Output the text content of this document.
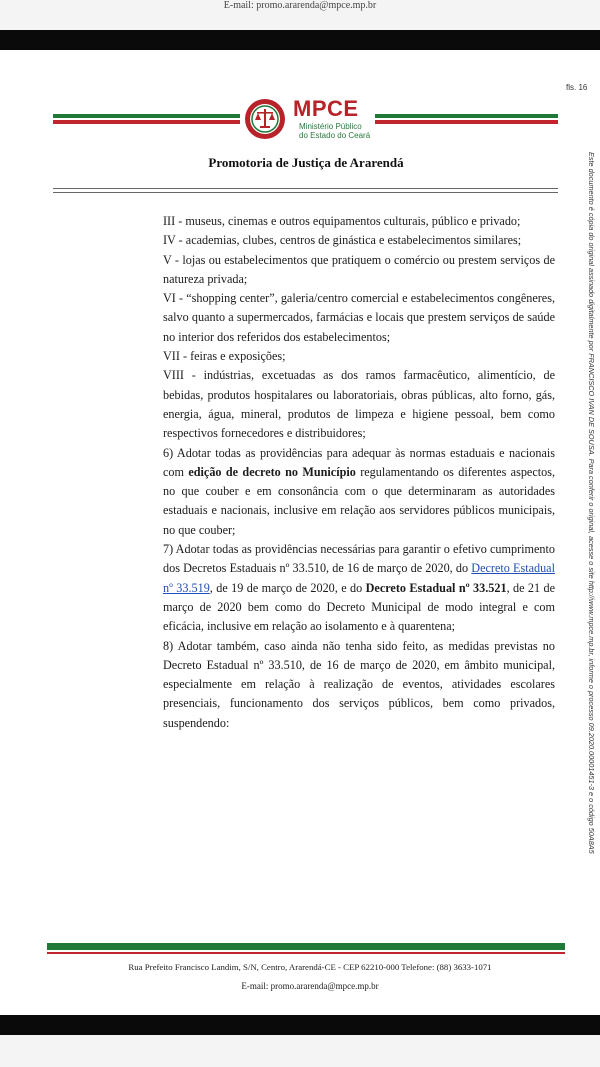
E-mail: promo.ararenda@mpce.mp.br
fls. 16
MPCE
Ministério Público
do Estado do Ceará
Promotoria de Justiça de Ararendá

III - museus, cinemas e outros equipamentos culturais, público e privado;

IV - academias, clubes, centros de ginástica e estabelecimentos similares;

V - lojas ou estabelecimentos que pratiquem o comércio ou prestem serviços de natureza privada;

VI - “shopping center”, galeria/centro comercial e estabelecimentos congêneres, salvo quanto a supermercados, farmácias e locais que prestem serviços de saúde no interior dos referidos dos estabelecimentos;

VII - feiras e exposições;

VIII - indústrias, excetuadas as dos ramos farmacêutico, alimentício, de bebidas, produtos hospitalares ou laboratoriais, obras públicas, alto forno, gás, energia, água, mineral, produtos de limpeza e higiene pessoal, bem como respectivos fornecedores e distribuidores;

6) Adotar todas as providências para adequar às normas estaduais e nacionais com edição de decreto no Município regulamentando os diferentes aspectos, no que couber e em consonância com o que determinaram as autoridades estaduais e nacionais, inclusive em relação aos servidores públicos municipais, no que couber;

7) Adotar todas as providências necessárias para garantir o efetivo cumprimento dos Decretos Estaduais nº 33.510, de 16 de março de 2020, do Decreto Estadual nº 33.519, de 19 de março de 2020, e do Decreto Estadual nº 33.521, de 21 de março de 2020 bem como do Decreto Municipal de modo integral e com eficácia, inclusive em relação ao isolamento e à quarentena;

8) Adotar também, caso ainda não tenha sido feito, as medidas previstas no Decreto Estadual nº 33.510, de 16 de março de 2020, em âmbito municipal, especialmente em relação à realização de eventos, atividades escolares presenciais, funcionamento dos serviços públicos, bem como privados, suspendendo:

Rua Prefeito Francisco Landim, S/N, Centro, Ararendá-CE - CEP 62210-000 Telefone: (88) 3633-1071
E-mail: promo.ararenda@mpce.mp.br
Este documento é cópia do original assinado digitalmente por FRANCISCO IVAN DE SOUSA. Para conferir o original, acesse o site http://www.mpce.mp.br, informe o processo 09.2020.00001451-3 e o código 50A8A5
